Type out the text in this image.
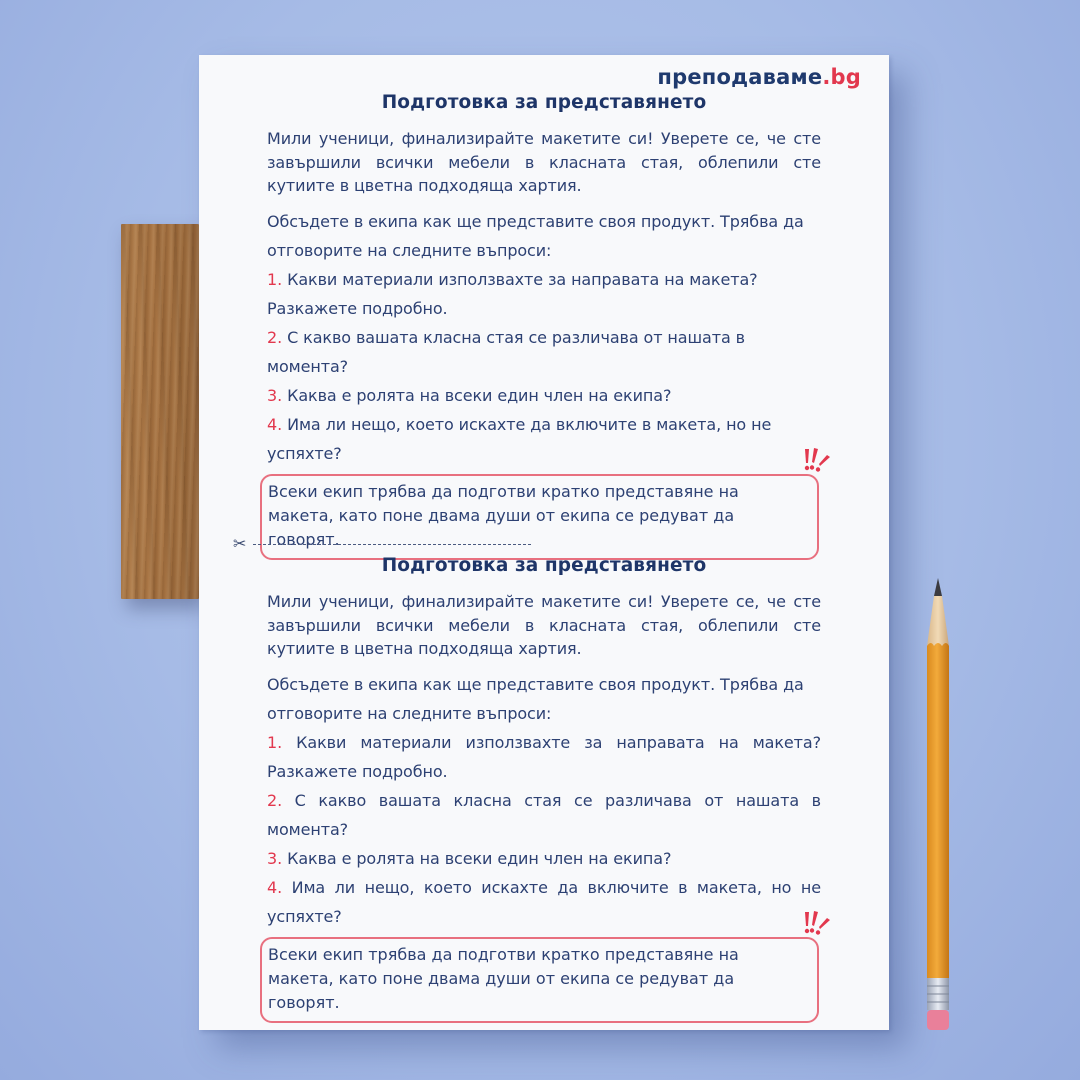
преподаваме.bg
Подготовка за представянето

Мили ученици, финализирайте макетите си! Уверете се, че сте завършили всички мебели в класната стая, облепили сте кутиите в цветна подходяща хартия.

Обсъдете в екипа как ще представите своя продукт. Трябва да отговорите на следните въпроси:

1. Какви материали използвахте за направата на макета? Разкажете подробно.

2. С какво вашата класна стая се различава от нашата в момента?

3. Каква е ролята на всеки един член на екипа?

4. Има ли нещо, което искахте да включите в макета, но не успяхте?

Всеки екип трябва да подготви кратко представяне на макета, като поне двама души от екипа се редуват да говорят.
✂
Подготовка за представянето

Мили ученици, финализирайте макетите си! Уверете се, че сте завършили всички мебели в класната стая, облепили сте кутиите в цветна подходяща хартия.

Обсъдете в екипа как ще представите своя продукт. Трябва да отговорите на следните въпроси:

1. Какви материали използвахте за направата на макета? Разкажете подробно.

2. С какво вашата класна стая се различава от нашата в момента?

3. Каква е ролята на всеки един член на екипа?

4. Има ли нещо, което искахте да включите в макета, но не успяхте?

Всеки екип трябва да подготви кратко представяне на макета, като поне двама души от екипа се редуват да говорят.
